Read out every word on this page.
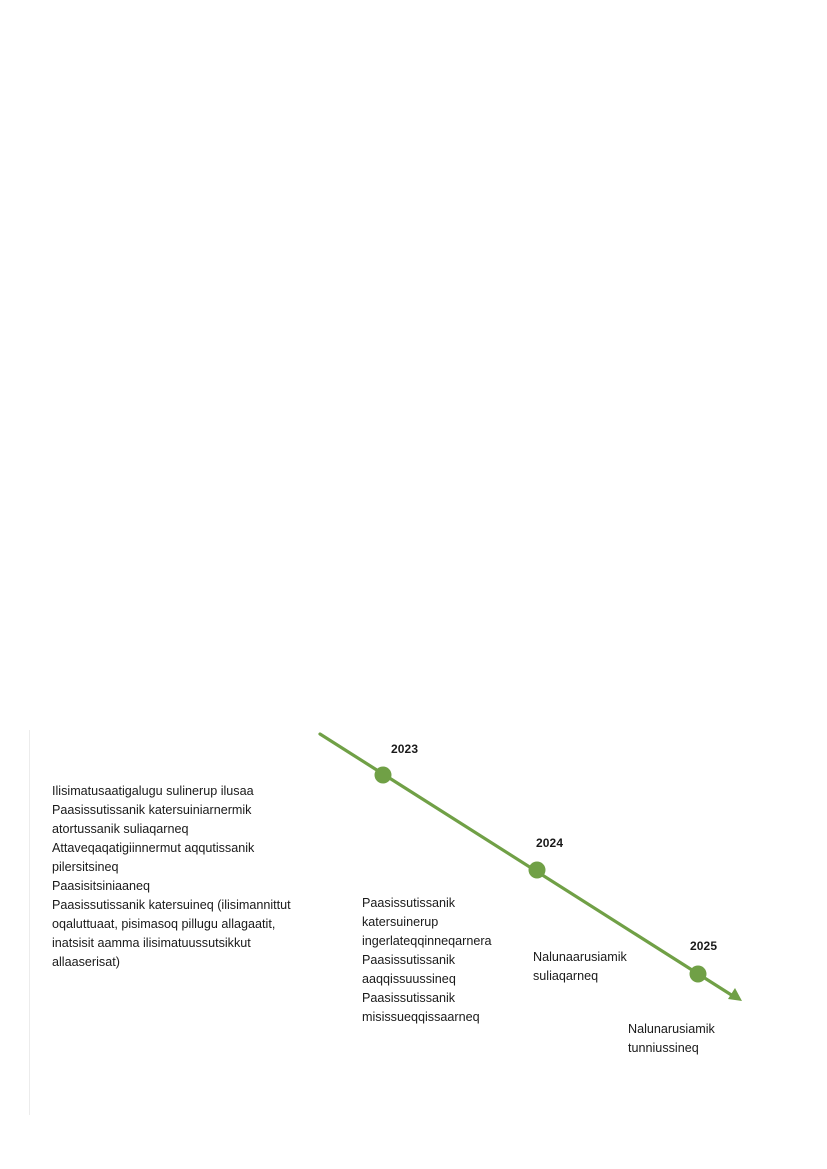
2023
2024
2025
Ilisimatusaatigalugu sulinerup ilusaa
Paasissutissanik katersuiniarnermik
atortussanik suliaqarneq
Attaveqaqatigiinnermut aqqutissanik
pilersitsineq
Paasisitsiniaaneq
Paasissutissanik katersuineq (ilisimannittut
oqaluttuaat, pisimasoq pillugu allagaatit,
inatsisit aamma ilisimatuussutsikkut
allaaserisat)
Paasissutissanik
katersuinerup
ingerlateqqinneqarnera
Paasissutissanik
aaqqissuussineq
Paasissutissanik
misissueqqissaarneq
Nalunaarusiamik
suliaqarneq
Nalunarusiamik
tunniussineq
